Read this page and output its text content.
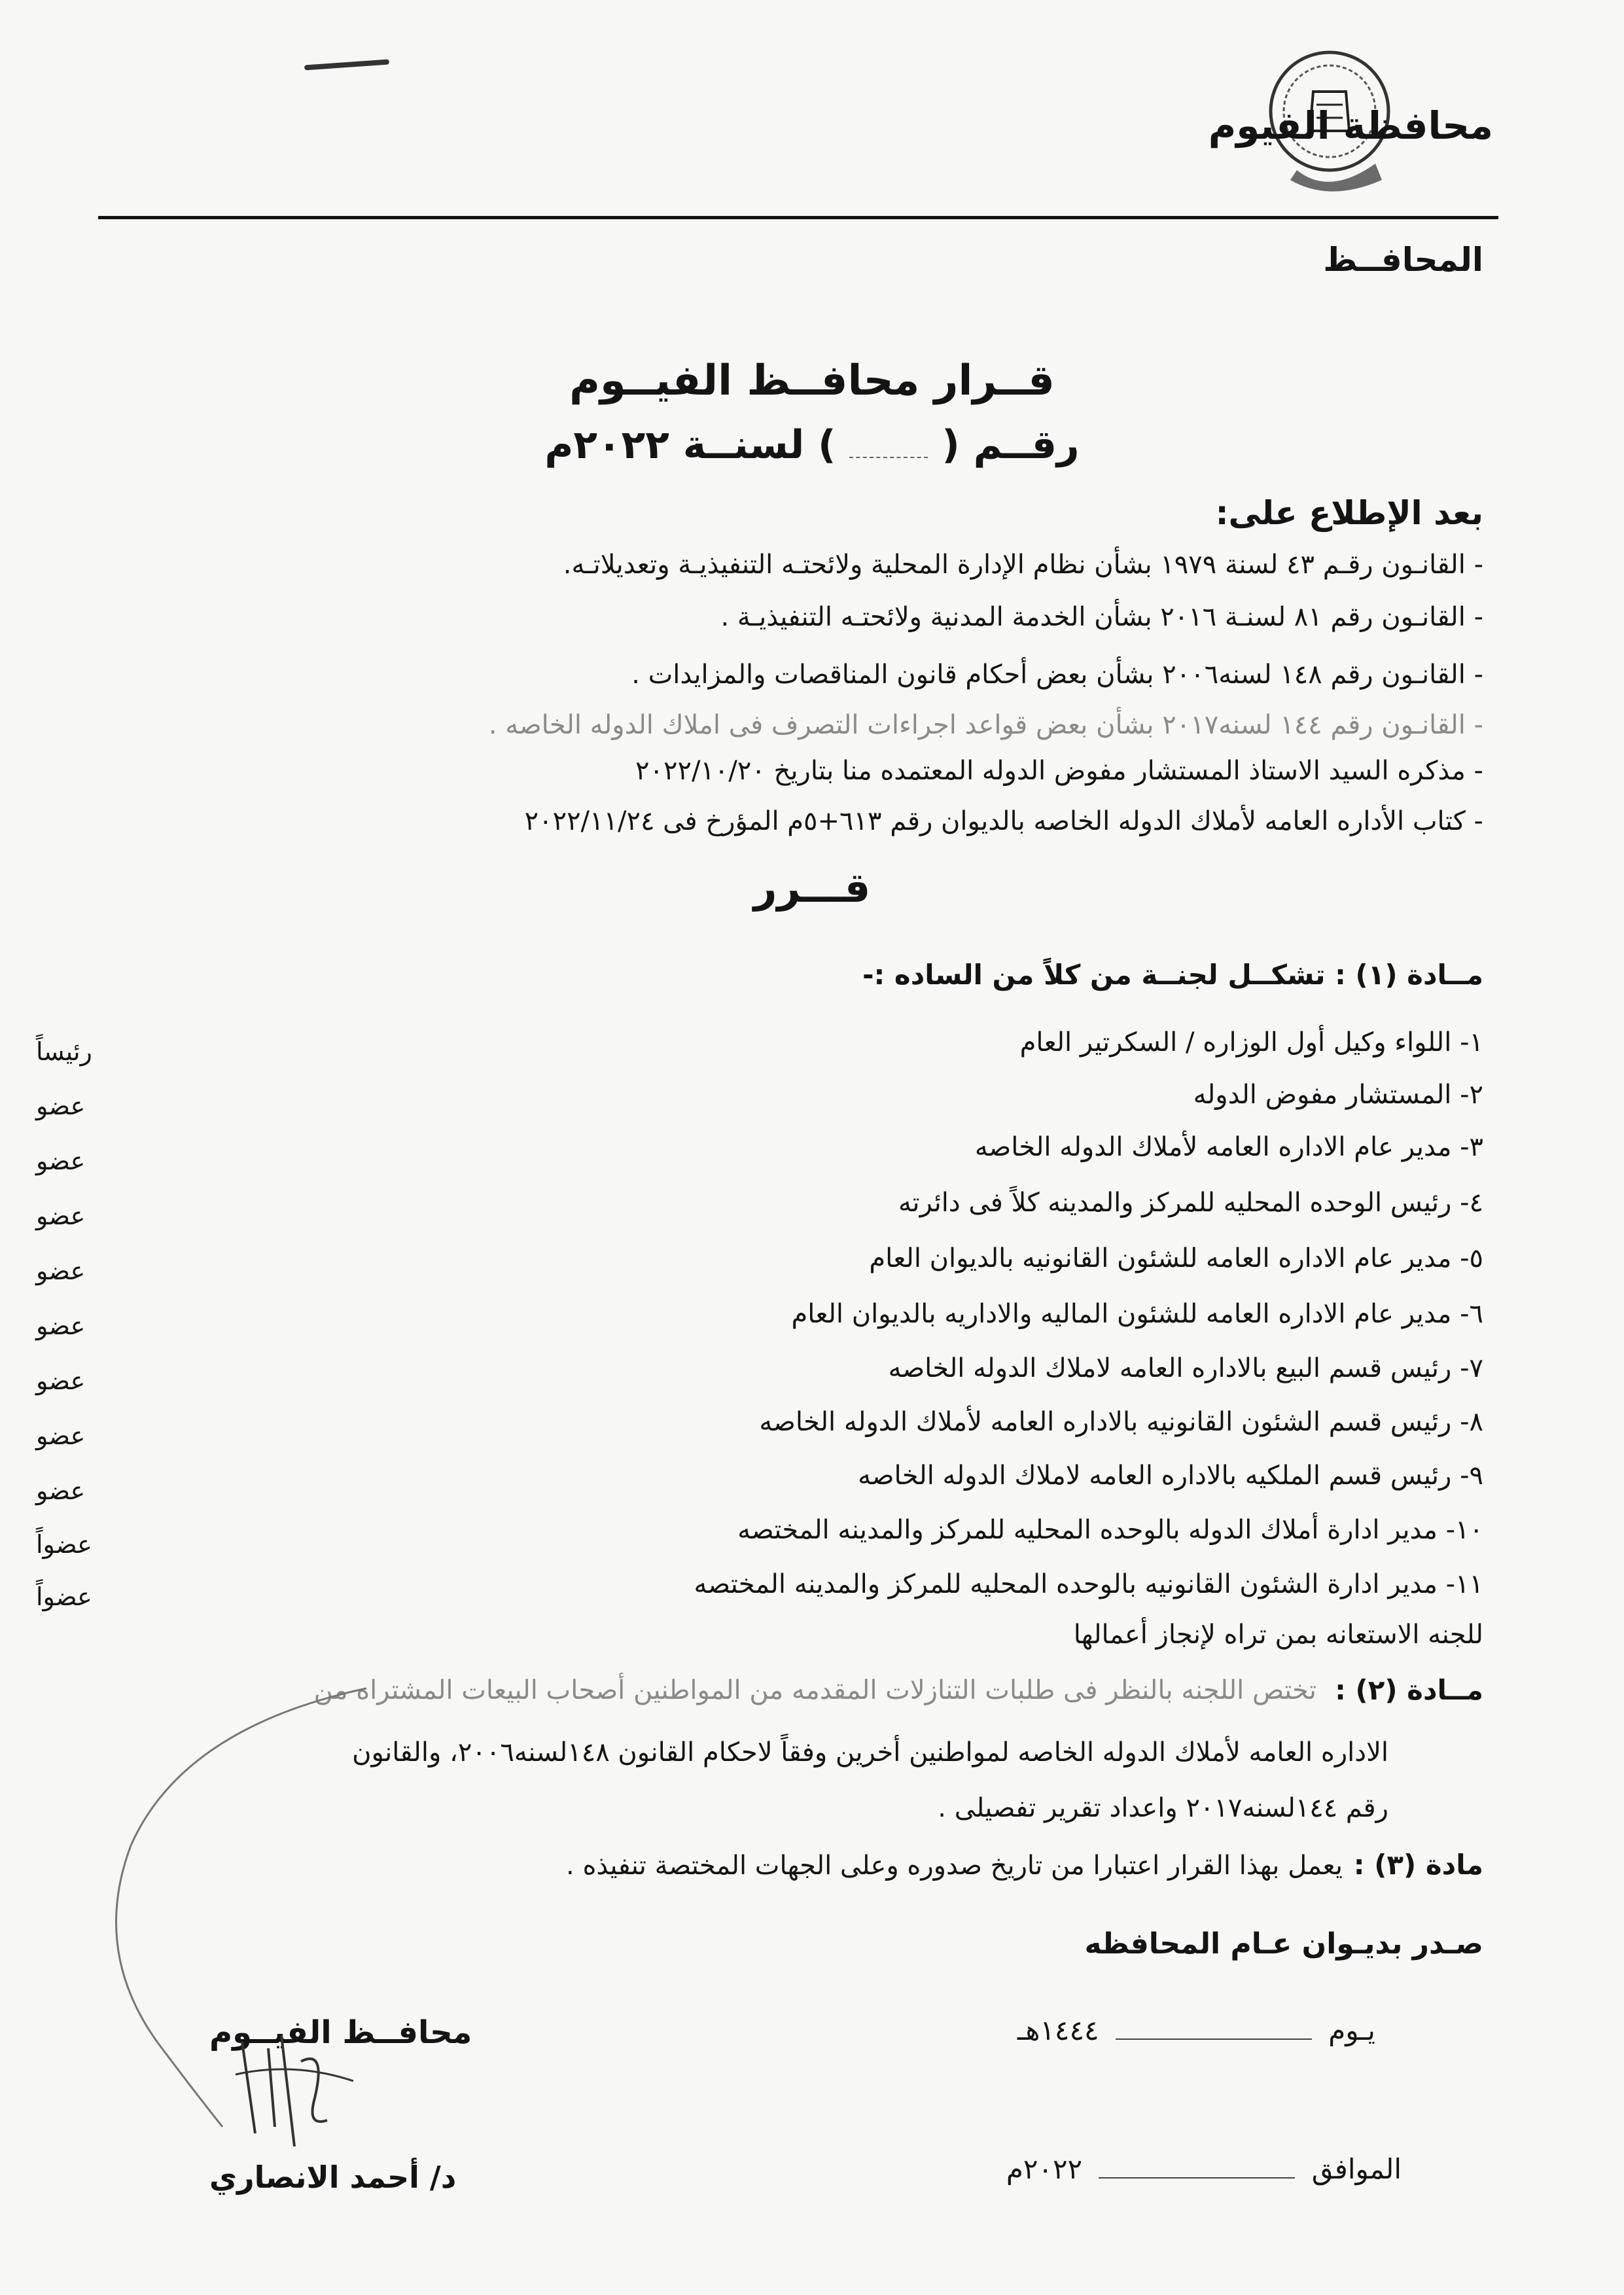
محافظة الفيوم
المحافــظ
قــرار محافــظ الفيــوم
رقــم (  ) لسنــة ٢٠٢٢م
بعد الإطلاع على:
- القانـون رقـم ٤٣ لسنة ١٩٧٩ بشأن نظام الإدارة المحلية ولائحتـه التنفيذيـة وتعديلاتـه.
- القانـون رقم ٨١ لسنـة ٢٠١٦ بشأن الخدمة المدنية ولائحتـه التنفيذيـة .
- القانـون رقم ١٤٨ لسنه٢٠٠٦ بشأن بعض أحكام قانون المناقصات والمزايدات .
- القانـون رقم ١٤٤ لسنه٢٠١٧ بشأن بعض قواعد اجراءات التصرف فى املاك الدوله الخاصه .
- مذكره السيد الاستاذ المستشار مفوض الدوله المعتمده منا بتاريخ ٢٠٢٢/١٠/٢٠
- كتاب الأداره العامه لأملاك الدوله الخاصه بالديوان رقم ٦١٣+٥م المؤرخ فى ٢٠٢٢/١١/٢٤
قـــرر
مــادة (١) : تشكــل لجنــة من كلاً من الساده :-
١- اللواء وكيل أول الوزاره / السكرتير العام
رئيساً
٢- المستشار مفوض الدوله
عضو
٣- مدير عام الاداره العامه لأملاك الدوله الخاصه
عضو
٤- رئيس الوحده المحليه للمركز والمدينه كلاً فى دائرته
عضو
٥- مدير عام الاداره العامه للشئون القانونيه بالديوان العام
عضو
٦- مدير عام الاداره العامه للشئون الماليه والاداريه بالديوان العام
عضو
٧- رئيس قسم البيع بالاداره العامه لاملاك الدوله الخاصه
عضو
٨- رئيس قسم الشئون القانونيه بالاداره العامه لأملاك الدوله الخاصه
عضو
٩- رئيس قسم الملكيه بالاداره العامه لاملاك الدوله الخاصه
عضو
١٠- مدير ادارة أملاك الدوله بالوحده المحليه للمركز والمدينه المختصه
عضواً
١١- مدير ادارة الشئون القانونيه بالوحده المحليه للمركز والمدينه المختصه
عضواً
للجنه الاستعانه بمن تراه لإنجاز أعمالها
مــادة (٢) :
تختص اللجنه بالنظر فى طلبات التنازلات المقدمه من المواطنين أصحاب البيعات المشتراه من
الاداره العامه لأملاك الدوله الخاصه لمواطنين أخرين وفقاً لاحكام القانون ١٤٨لسنه٢٠٠٦، والقانون
رقم ١٤٤لسنه٢٠١٧ واعداد تقرير تفصيلى .
مادة (٣) :
يعمل بهذا القرار اعتبارا من تاريخ صدوره وعلى الجهات المختصة تنفيذه .
صـدر بديـوان عـام المحافظه
يـوم  ١٤٤٤هـ
الموافق  ٢٠٢٢م
محافــظ الفيــوم
د/ أحمد الانصاري
